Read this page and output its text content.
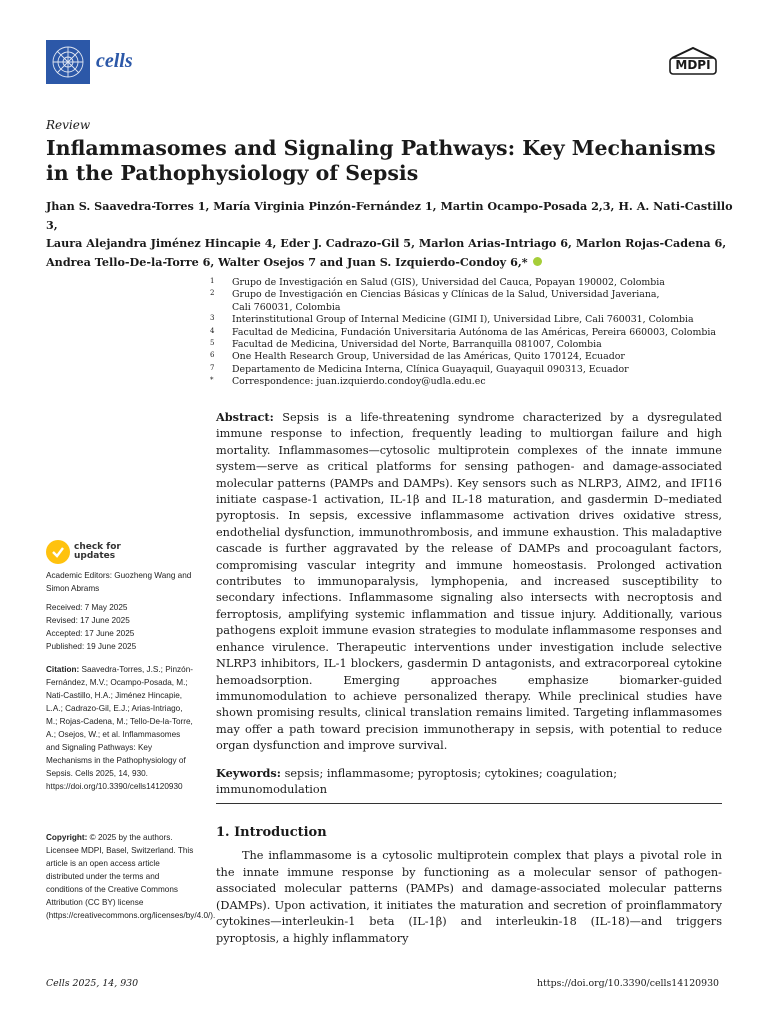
cells	MDPI
Review
Inflammasomes and Signaling Pathways: Key Mechanisms in the Pathophysiology of Sepsis
Jhan S. Saavedra-Torres 1, María Virginia Pinzón-Fernández 1, Martin Ocampo-Posada 2,3, H. A. Nati-Castillo 3,
Laura Alejandra Jiménez Hincapie 4, Eder J. Cadrazo-Gil 5, Marlon Arias-Intriago 6, Marlon Rojas-Cadena 6,
Andrea Tello-De-la-Torre 6, Walter Osejos 7 and Juan S. Izquierdo-Condoy 6,*
1	Grupo de Investigación en Salud (GIS), Universidad del Cauca, Popayan 190002, Colombia
2	Grupo de Investigación en Ciencias Básicas y Clínicas de la Salud, Universidad Javeriana,
Cali 760031, Colombia
3	Interinstitutional Group of Internal Medicine (GIMI I), Universidad Libre, Cali 760031, Colombia
4	Facultad de Medicina, Fundación Universitaria Autónoma de las Américas, Pereira 660003, Colombia
5	Facultad de Medicina, Universidad del Norte, Barranquilla 081007, Colombia
6	One Health Research Group, Universidad de las Américas, Quito 170124, Ecuador
7	Departamento de Medicina Interna, Clínica Guayaquil, Guayaquil 090313, Ecuador
*	Correspondence: juan.izquierdo.condoy@udla.edu.ec
check for
updates
Academic Editors: Guozheng Wang and Simon Abrams
Received: 7 May 2025
Revised: 17 June 2025
Accepted: 17 June 2025
Published: 19 June 2025
Citation: Saavedra-Torres, J.S.; Pinzón-Fernández, M.V.; Ocampo-Posada, M.; Nati-Castillo, H.A.; Jiménez Hincapie, L.A.; Cadrazo-Gil, E.J.; Arias-Intriago, M.; Rojas-Cadena, M.; Tello-De-la-Torre, A.; Osejos, W.; et al. Inflammasomes and Signaling Pathways: Key Mechanisms in the Pathophysiology of Sepsis. Cells 2025, 14, 930. https://doi.org/10.3390/cells14120930
Copyright: © 2025 by the authors. Licensee MDPI, Basel, Switzerland. This article is an open access article distributed under the terms and conditions of the Creative Commons Attribution (CC BY) license (https://creativecommons.org/licenses/by/4.0/).

Abstract: Sepsis is a life-threatening syndrome characterized by a dysregulated immune response to infection, frequently leading to multiorgan failure and high mortality. Inflammasomes—cytosolic multiprotein complexes of the innate immune system—serve as critical platforms for sensing pathogen- and damage-associated molecular patterns (PAMPs and DAMPs). Key sensors such as NLRP3, AIM2, and IFI16 initiate caspase-1 activation, IL-1β and IL-18 maturation, and gasdermin D–mediated pyroptosis. In sepsis, excessive inflammasome activation drives oxidative stress, endothelial dysfunction, immunothrombosis, and immune exhaustion. This maladaptive cascade is further aggravated by the release of DAMPs and procoagulant factors, compromising vascular integrity and immune homeostasis. Prolonged activation contributes to immunoparalysis, lymphopenia, and increased susceptibility to secondary infections. Inflammasome signaling also intersects with necroptosis and ferroptosis, amplifying systemic inflammation and tissue injury. Additionally, various pathogens exploit immune evasion strategies to modulate inflammasome responses and enhance virulence. Therapeutic interventions under investigation include selective NLRP3 inhibitors, IL-1 blockers, gasdermin D antagonists, and extracorporeal cytokine hemoadsorption. Emerging approaches emphasize biomarker-guided immunomodulation to achieve personalized therapy. While preclinical studies have shown promising results, clinical translation remains limited. Targeting inflammasomes may offer a path toward precision immunotherapy in sepsis, with potential to reduce organ dysfunction and improve survival.

Keywords: sepsis; inflammasome; pyroptosis; cytokines; coagulation; immunomodulation

1. Introduction

The inflammasome is a cytosolic multiprotein complex that plays a pivotal role in the innate immune response by functioning as a molecular sensor of pathogen-associated molecular patterns (PAMPs) and damage-associated molecular patterns (DAMPs). Upon activation, it initiates the maturation and secretion of proinflammatory cytokines—interleukin-1 beta (IL-1β) and interleukin-18 (IL-18)—and triggers pyroptosis, a highly inflammatory

Cells 2025, 14, 930	https://doi.org/10.3390/cells14120930
